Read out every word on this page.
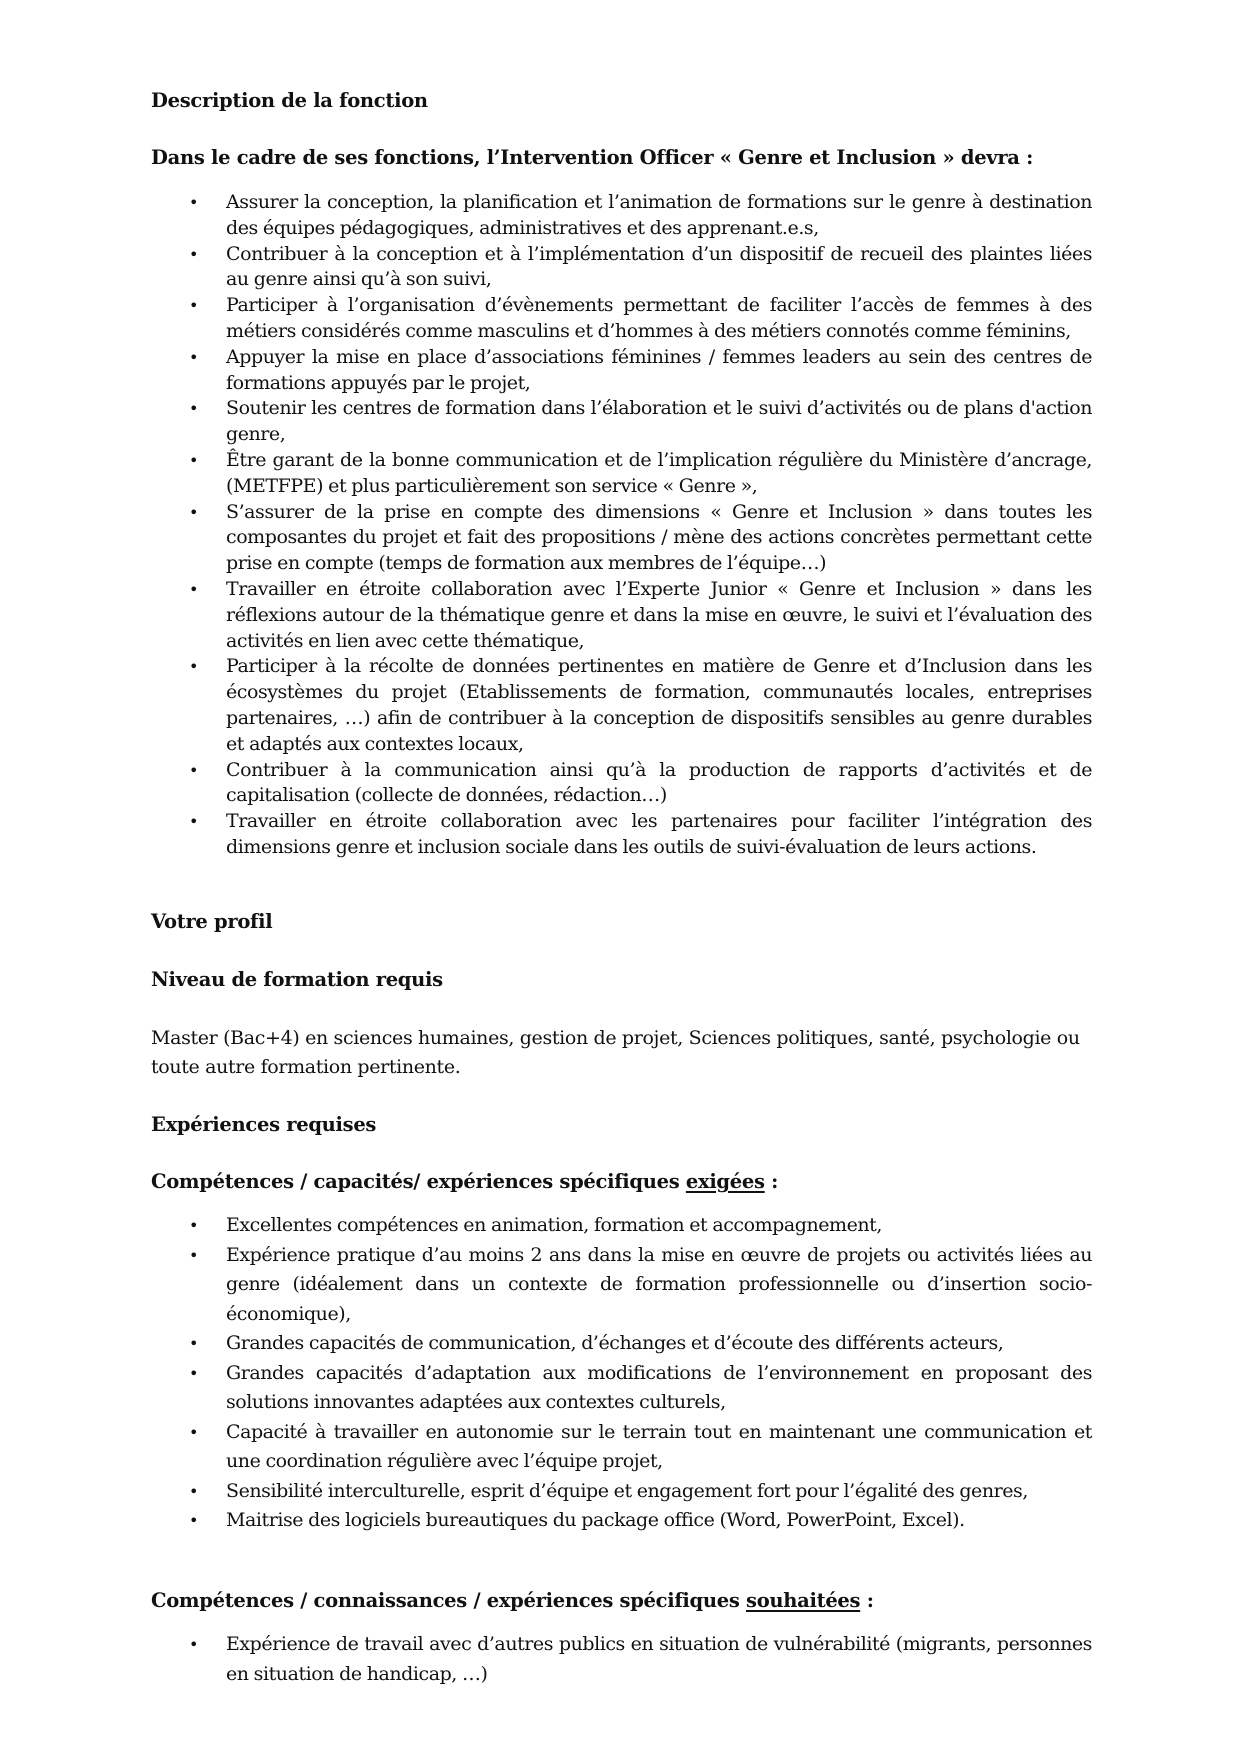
Description de la fonction
Dans le cadre de ses fonctions, l’Intervention Officer « Genre et Inclusion » devra :
•	Assurer la conception, la planification et l’animation de formations sur le genre à destination des équipes pédagogiques, administratives et des apprenant.e.s,
•	Contribuer à la conception et à l’implémentation d’un dispositif de recueil des plaintes liées au genre ainsi qu’à son suivi,
•	Participer à l’organisation d’évènements permettant de faciliter l’accès de femmes à des métiers considérés comme masculins et d’hommes à des métiers connotés comme féminins,
•	Appuyer la mise en place d’associations féminines / femmes leaders au sein des centres de formations appuyés par le projet,
•	Soutenir les centres de formation dans l’élaboration et le suivi d’activités ou de plans d'action genre,
•	Être garant de la bonne communication et de l’implication régulière du Ministère d’ancrage, (METFPE) et plus particulièrement son service « Genre »,
•	S’assurer de la prise en compte des dimensions « Genre et Inclusion » dans toutes les composantes du projet et fait des propositions / mène des actions concrètes permettant cette prise en compte (temps de formation aux membres de l’équipe…)
•	Travailler en étroite collaboration avec l’Experte Junior « Genre et Inclusion » dans les réflexions autour de la thématique genre et dans la mise en œuvre, le suivi et l’évaluation des activités en lien avec cette thématique,
•	Participer à la récolte de données pertinentes en matière de Genre et d’Inclusion dans les écosystèmes du projet (Etablissements de formation, communautés locales, entreprises partenaires, …) afin de contribuer à la conception de dispositifs sensibles au genre durables et adaptés aux contextes locaux,
•	Contribuer à la communication ainsi qu’à la production de rapports d’activités et de capitalisation (collecte de données, rédaction…)
•	Travailler en étroite collaboration avec les partenaires pour faciliter l’intégration des dimensions genre et inclusion sociale dans les outils de suivi-évaluation de leurs actions.
Votre profil
Niveau de formation requis
Master (Bac+4) en sciences humaines, gestion de projet, Sciences politiques, santé, psychologie ou toute autre formation pertinente.
Expériences requises
Compétences / capacités/ expériences spécifiques exigées :
•	Excellentes compétences en animation, formation et accompagnement,
•	Expérience pratique d’au moins 2 ans dans la mise en œuvre de projets ou activités liées au genre (idéalement dans un contexte de formation professionnelle ou d’insertion socio-économique),
•	Grandes capacités de communication, d’échanges et d’écoute des différents acteurs,
•	Grandes capacités d’adaptation aux modifications de l’environnement en proposant des solutions innovantes adaptées aux contextes culturels,
•	Capacité à travailler en autonomie sur le terrain tout en maintenant une communication et une coordination régulière avec l’équipe projet,
•	Sensibilité interculturelle, esprit d’équipe et engagement fort pour l’égalité des genres,
•	Maitrise des logiciels bureautiques du package office (Word, PowerPoint, Excel).
Compétences / connaissances / expériences spécifiques souhaitées :
•	Expérience de travail avec d’autres publics en situation de vulnérabilité (migrants, personnes en situation de handicap, …)
